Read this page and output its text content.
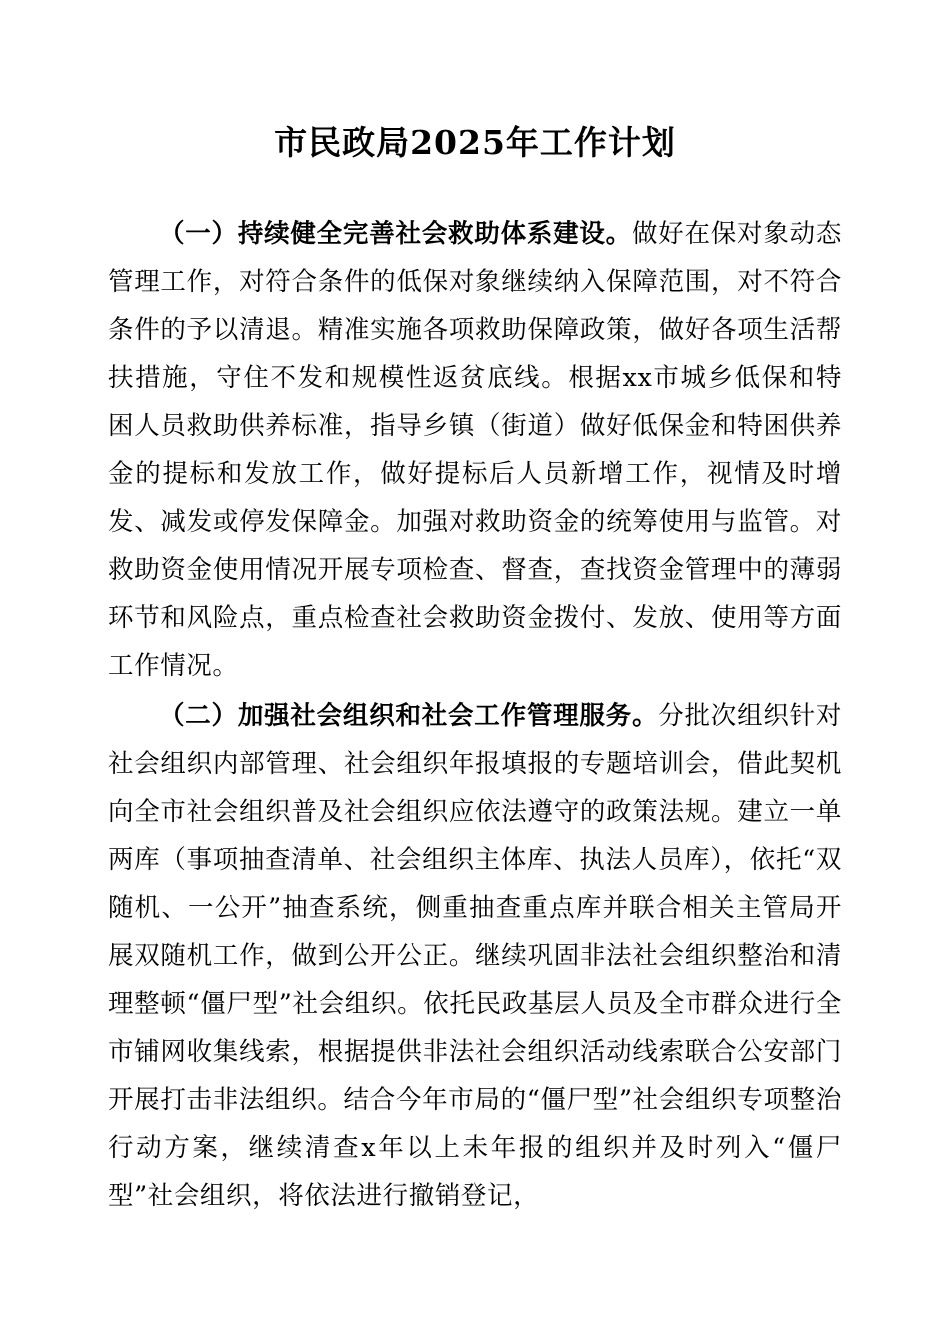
市民政局2025年工作计划

（一）持续健全完善社会救助体系建设。做好在保对象动态管理工作，对符合条件的低保对象继续纳入保障范围，对不符合条件的予以清退。精准实施各项救助保障政策，做好各项生活帮扶措施，守住不发和规模性返贫底线。根据xx市城乡低保和特困人员救助供养标准，指导乡镇（街道）做好低保金和特困供养金的提标和发放工作，做好提标后人员新增工作，视情及时增发、减发或停发保障金。加强对救助资金的统筹使用与监管。对救助资金使用情况开展专项检查、督查，查找资金管理中的薄弱环节和风险点，重点检查社会救助资金拨付、发放、使用等方面工作情况。

（二）加强社会组织和社会工作管理服务。分批次组织针对社会组织内部管理、社会组织年报填报的专题培训会，借此契机向全市社会组织普及社会组织应依法遵守的政策法规。建立一单两库（事项抽查清单、社会组织主体库、执法人员库），依托“双随机、一公开”抽查系统，侧重抽查重点库并联合相关主管局开展双随机工作，做到公开公正。继续巩固非法社会组织整治和清理整顿“僵尸型”社会组织。依托民政基层人员及全市群众进行全市铺网收集线索，根据提供非法社会组织活动线索联合公安部门开展打击非法组织。结合今年市局的“僵尸型”社会组织专项整治行动方案，继续清查x年以上未年报的组织并及时列入“僵尸型”社会组织，将依法进行撤销登记，
